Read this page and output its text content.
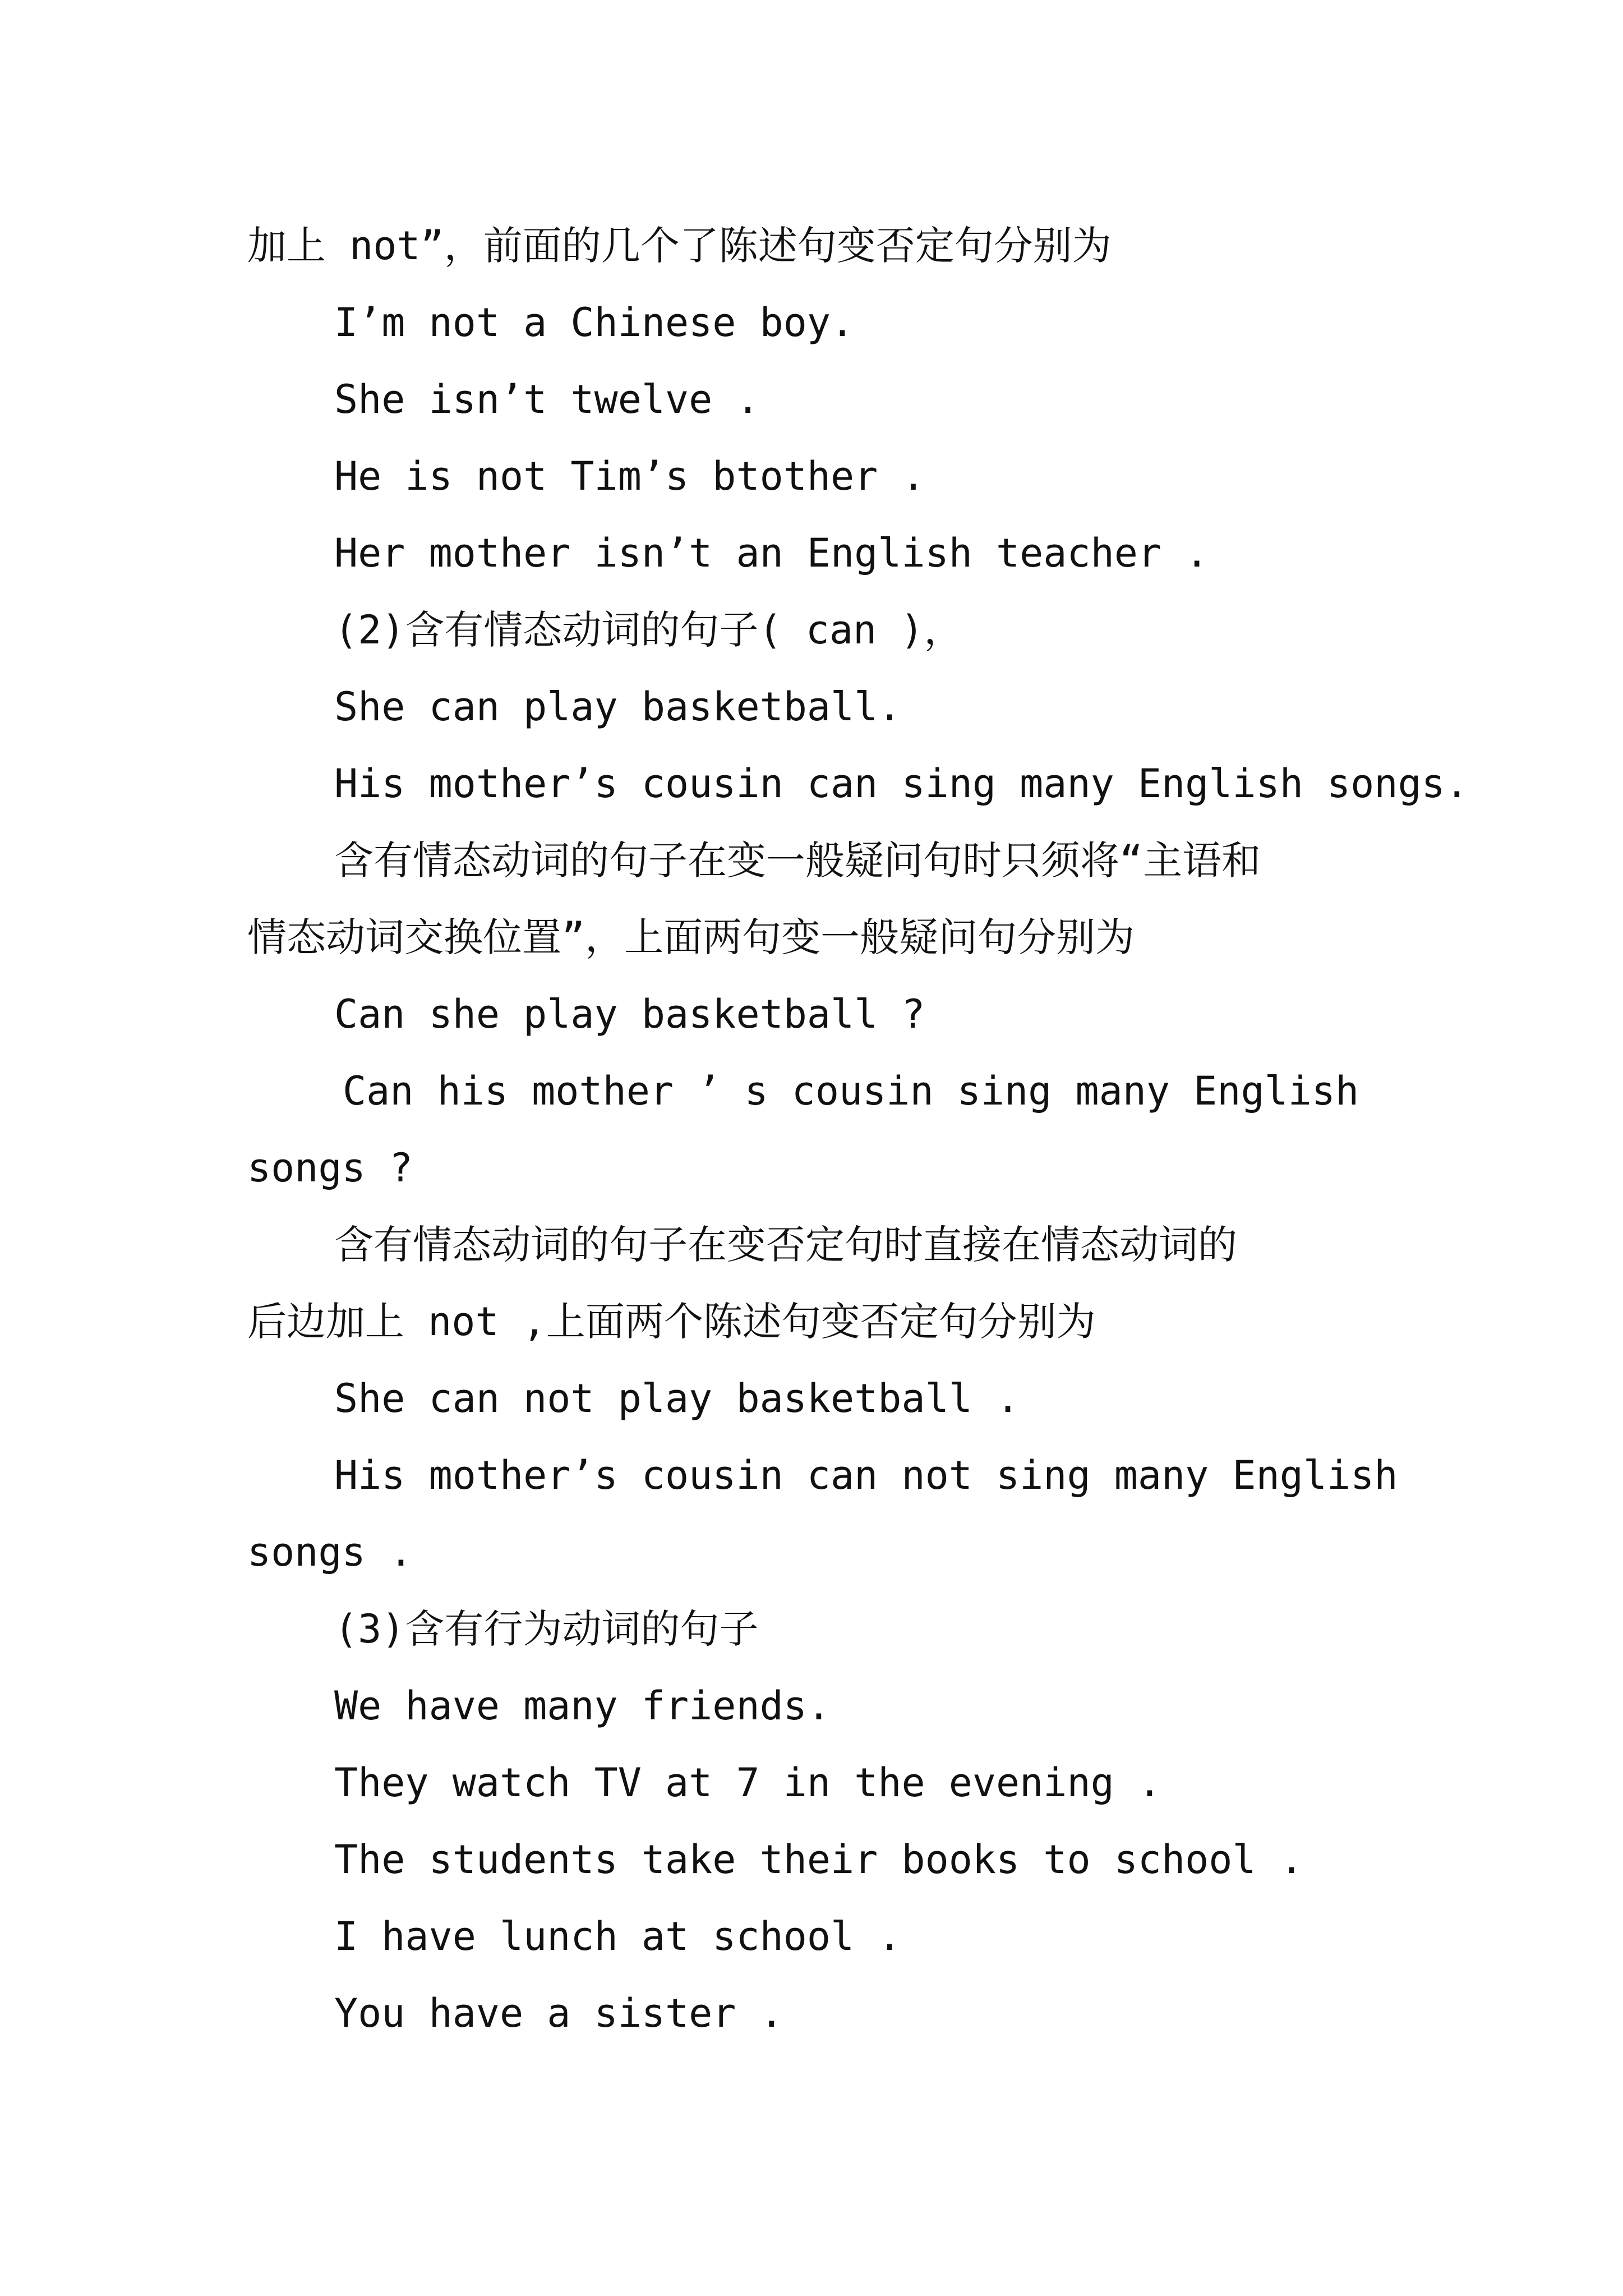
加上 not”，前面的几个了陈述句变否定句分别为
I’m not a Chinese boy.
She isn’t twelve .
He is not Tim’s btother .
Her mother isn’t an English teacher .
(2)含有情态动词的句子( can )，
She can play basketball.
His mother’s cousin can sing many English songs.
含有情态动词的句子在变一般疑问句时只须将“主语和
情态动词交换位置”，上面两句变一般疑问句分别为
Can she play basketball ?
Can his mother ’ s cousin sing many English
songs ?
含有情态动词的句子在变否定句时直接在情态动词的
后边加上 not ,上面两个陈述句变否定句分别为
She can not play basketball .
His mother’s cousin can not sing many English
songs .
(3)含有行为动词的句子
We have many friends.
They watch TV at 7 in the evening .
The students take their books to school .
I have lunch at school .
You have a sister .
